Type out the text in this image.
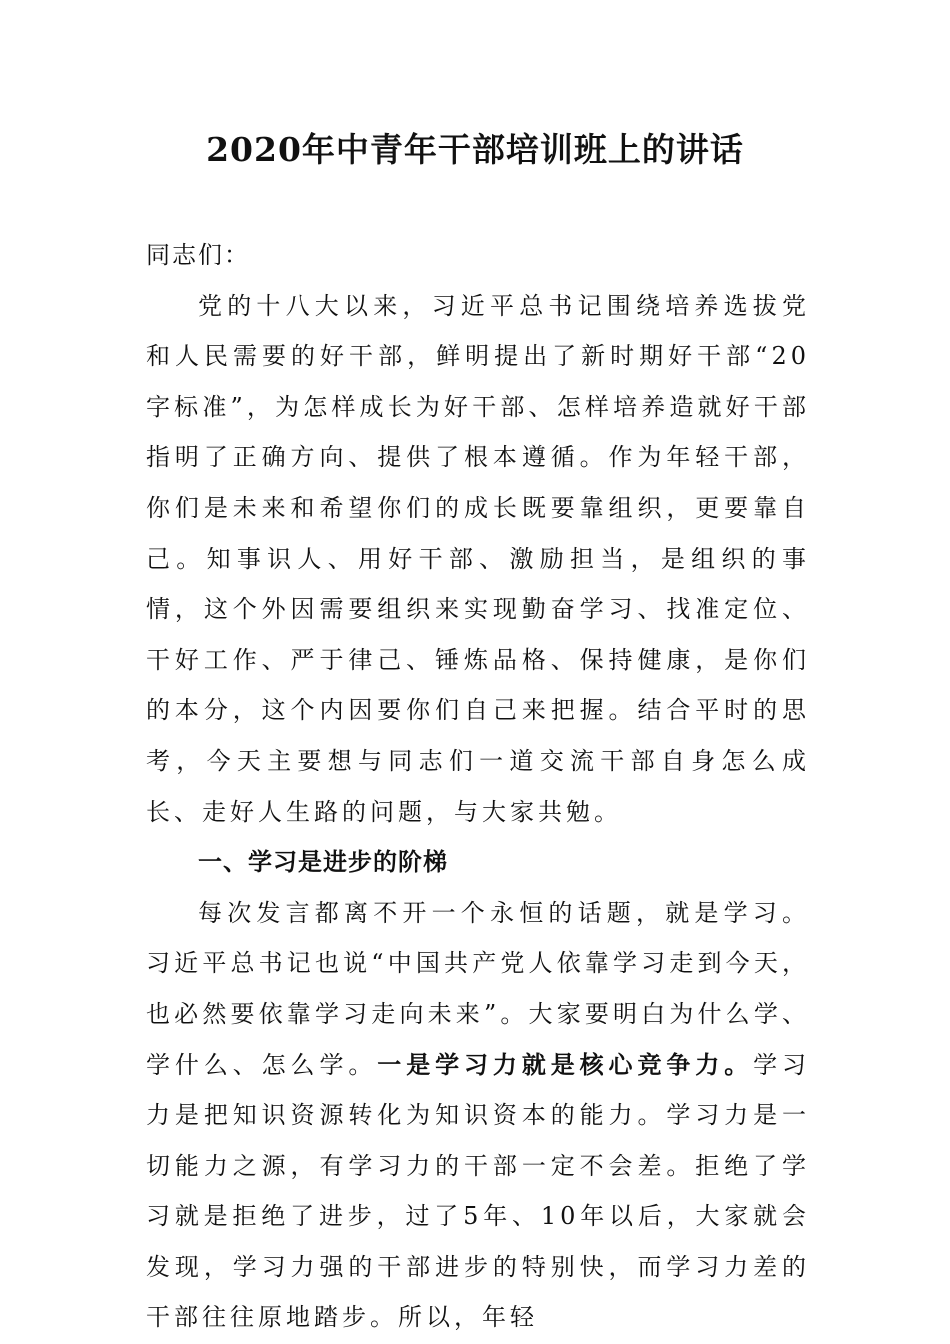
2020年中青年干部培训班上的讲话
同志们：

党的十八大以来，习近平总书记围绕培养选拔党和人民需要的好干部，鲜明提出了新时期好干部“20字标准”，为怎样成长为好干部、怎样培养造就好干部指明了正确方向、提供了根本遵循。作为年轻干部，你们是未来和希望你们的成长既要靠组织，更要靠自己。知事识人、用好干部、激励担当，是组织的事情，这个外因需要组织来实现勤奋学习、找准定位、干好工作、严于律己、锤炼品格、保持健康，是你们的本分，这个内因要你们自己来把握。结合平时的思考，今天主要想与同志们一道交流干部自身怎么成长、走好人生路的问题，与大家共勉。

一、学习是进步的阶梯

每次发言都离不开一个永恒的话题，就是学习。习近平总书记也说“中国共产党人依靠学习走到今天，也必然要依靠学习走向未来”。大家要明白为什么学、学什么、怎么学。一是学习力就是核心竞争力。学习力是把知识资源转化为知识资本的能力。学习力是一切能力之源，有学习力的干部一定不会差。拒绝了学习就是拒绝了进步，过了5年、10年以后，大家就会发现，学习力强的干部进步的特别快，而学习力差的干部往往原地踏步。所以，年轻
